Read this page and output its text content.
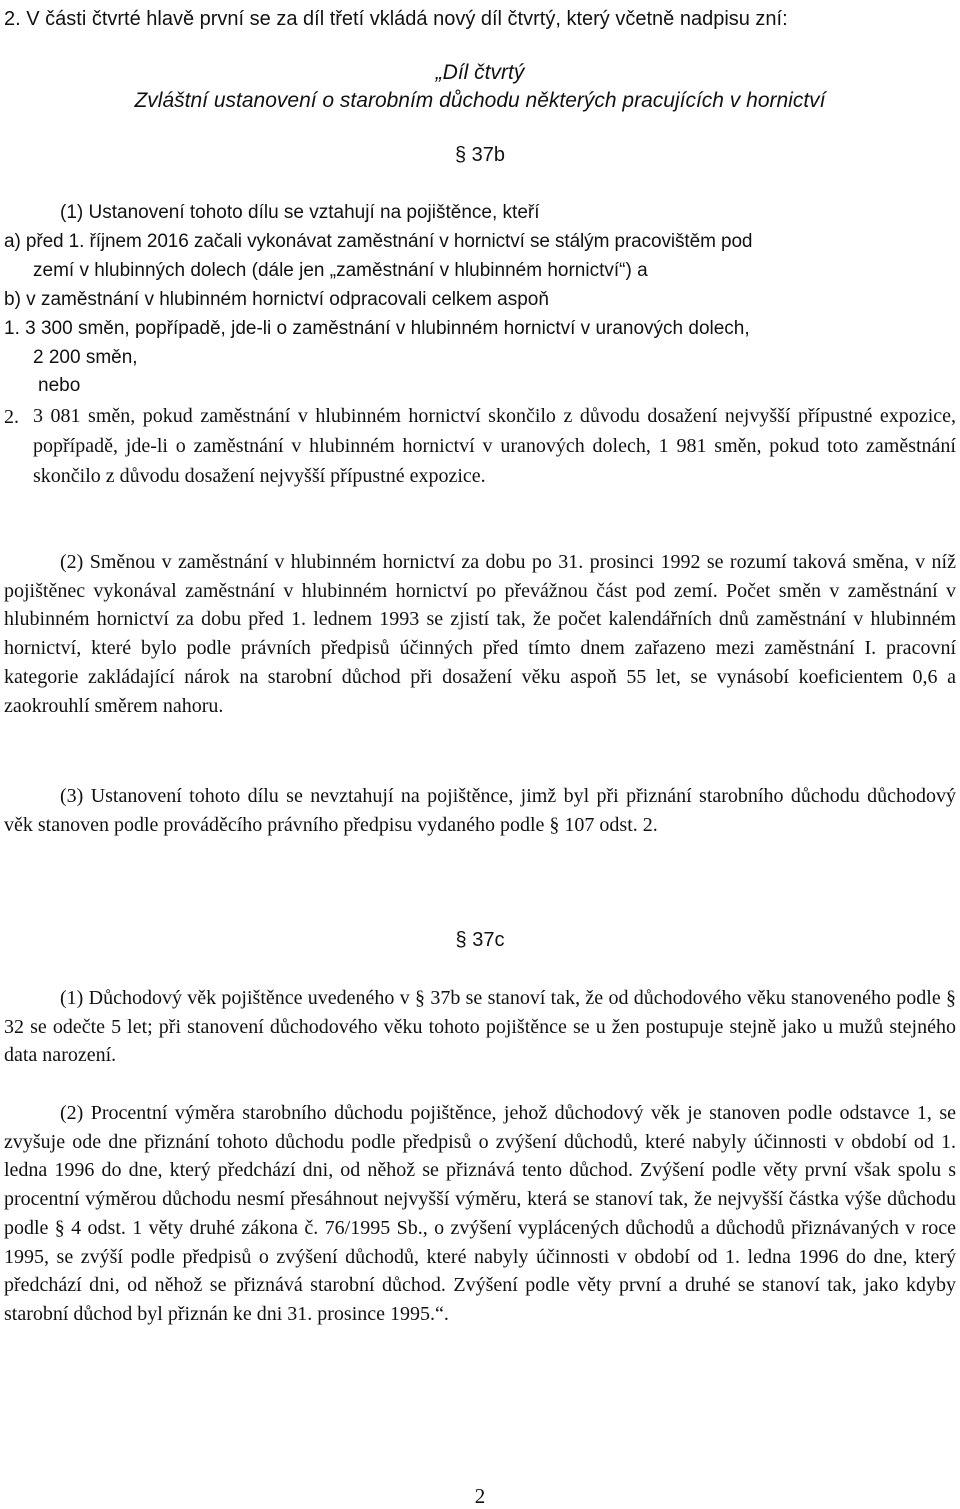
2. V části čtvrté hlavě první se za díl třetí vkládá nový díl čtvrtý, který včetně nadpisu zní:
„Díl čtvrtý
Zvláštní ustanovení o starobním důchodu některých pracujících v hornictví
§ 37b
(1) Ustanovení tohoto dílu se vztahují na pojištěnce, kteří
a) před 1. říjnem 2016 začali vykonávat zaměstnání v hornictví se stálým pracovištěm pod
zemí v hlubinných dolech (dále jen „zaměstnání v hlubinném hornictví“) a
b) v zaměstnání v hlubinném hornictví odpracovali celkem aspoň
1. 3 300 směn, popřípadě, jde-li o zaměstnání v hlubinném hornictví v uranových dolech,
2 200 směn,
nebo
2. 3 081 směn, pokud zaměstnání v hlubinném hornictví skončilo z důvodu dosažení nejvyšší přípustné expozice, popřípadě, jde-li o zaměstnání v hlubinném hornictví v uranových dolech, 1 981 směn, pokud toto zaměstnání skončilo z důvodu dosažení nejvyšší přípustné expozice.
(2) Směnou v zaměstnání v hlubinném hornictví za dobu po 31. prosinci 1992 se rozumí taková směna, v níž pojištěnec vykonával zaměstnání v hlubinném hornictví po převážnou část pod zemí. Počet směn v zaměstnání v hlubinném hornictví za dobu před 1. lednem 1993 se zjistí tak, že počet kalendářních dnů zaměstnání v hlubinném hornictví, které bylo podle právních předpisů účinných před tímto dnem zařazeno mezi zaměstnání I. pracovní kategorie zakládající nárok na starobní důchod při dosažení věku aspoň 55 let, se vynásobí koeficientem 0,6 a zaokrouhlí směrem nahoru.
(3) Ustanovení tohoto dílu se nevztahují na pojištěnce, jimž byl při přiznání starobního důchodu důchodový věk stanoven podle prováděcího právního předpisu vydaného podle § 107 odst. 2.
§ 37c
(1) Důchodový věk pojištěnce uvedeného v § 37b se stanoví tak, že od důchodového věku stanoveného podle § 32 se odečte 5 let; při stanovení důchodového věku tohoto pojištěnce se u žen postupuje stejně jako u mužů stejného data narození.
(2) Procentní výměra starobního důchodu pojištěnce, jehož důchodový věk je stanoven podle odstavce 1, se zvyšuje ode dne přiznání tohoto důchodu podle předpisů o zvýšení důchodů, které nabyly účinnosti v období od 1. ledna 1996 do dne, který předchází dni, od něhož se přiznává tento důchod. Zvýšení podle věty první však spolu s procentní výměrou důchodu nesmí přesáhnout nejvyšší výměru, která se stanoví tak, že nejvyšší částka výše důchodu podle § 4 odst. 1 věty druhé zákona č. 76/1995 Sb., o zvýšení vyplácených důchodů a důchodů přiznávaných v roce 1995, se zvýší podle předpisů o zvýšení důchodů, které nabyly účinnosti v období od 1. ledna 1996 do dne, který předchází dni, od něhož se přiznává starobní důchod. Zvýšení podle věty první a druhé se stanoví tak, jako kdyby starobní důchod byl přiznán ke dni 31. prosince 1995.“.
2
